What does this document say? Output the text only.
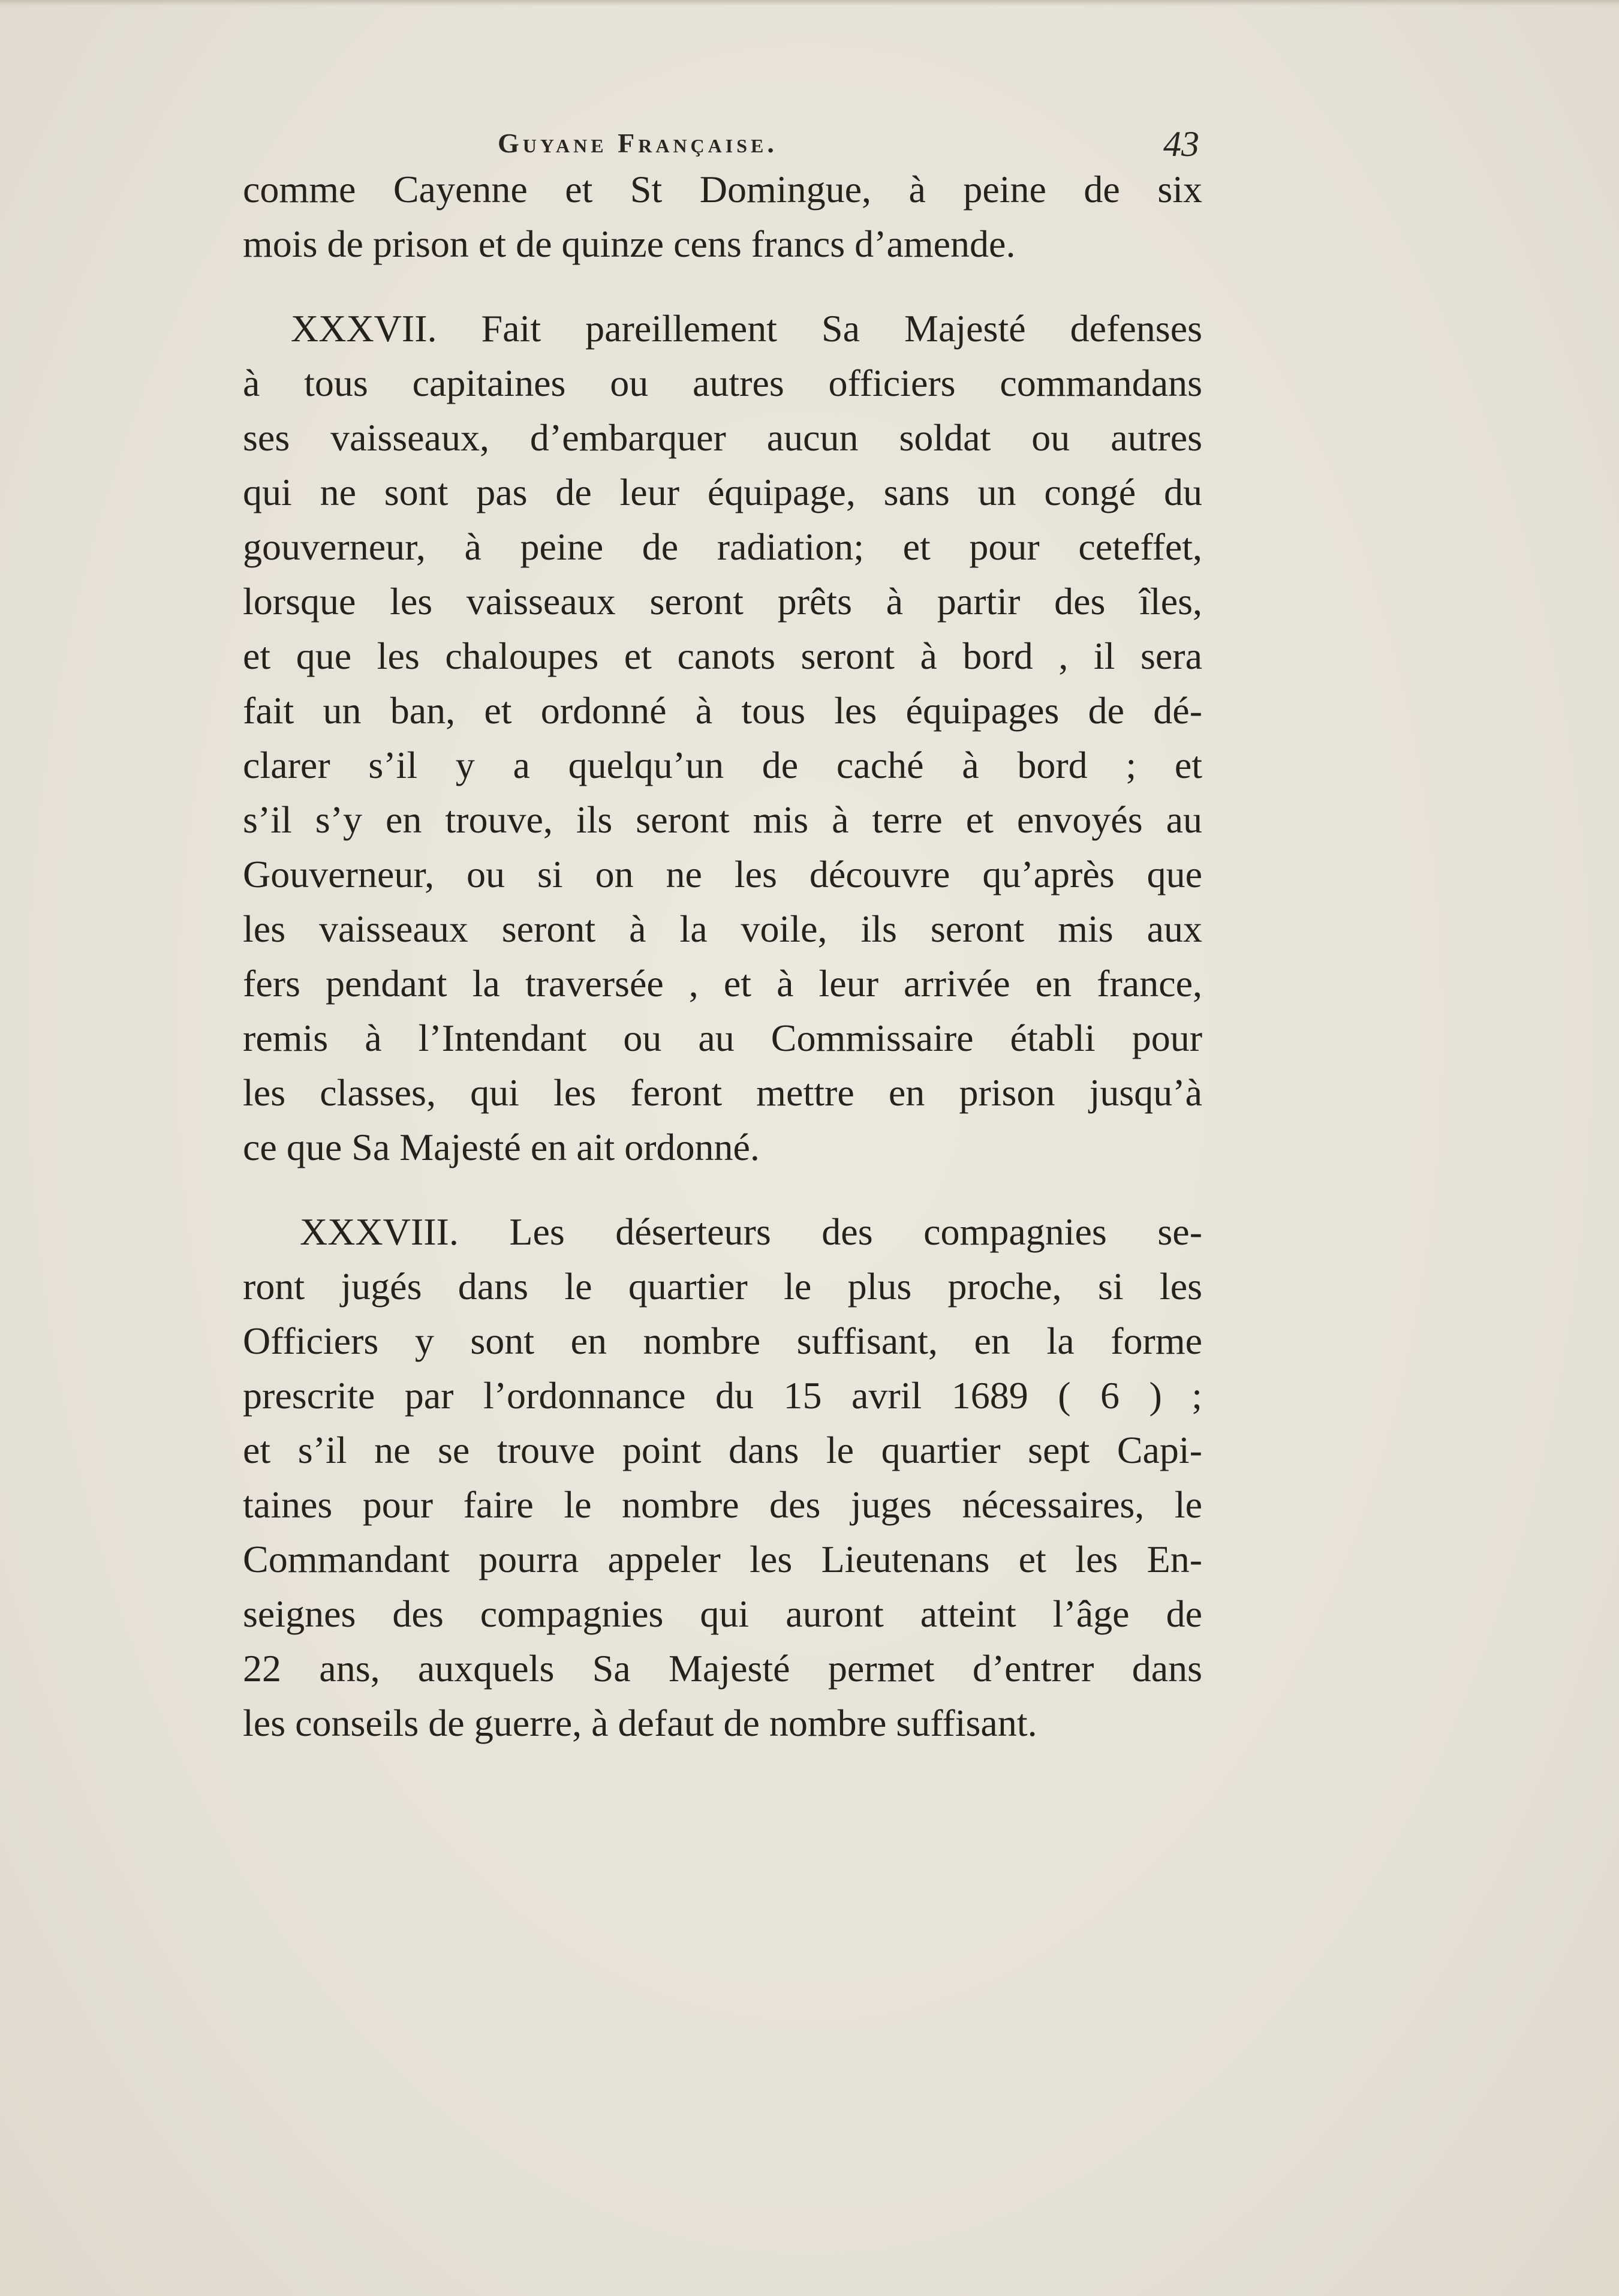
Guyane Française.	43
comme Cayenne et St Domingue, à peine de six
mois de prison et de quinze cens francs d’amende.
XXXVII. Fait pareillement Sa Majesté defenses
à tous capitaines ou autres officiers commandans
ses vaisseaux, d’embarquer aucun soldat ou autres
qui ne sont pas de leur équipage, sans un congé du
gouverneur, à peine de radiation; et pour ceteffet,
lorsque les vaisseaux seront prêts à partir des îles,
et que les chaloupes et canots seront à bord , il sera
fait un ban, et ordonné à tous les équipages de dé-
clarer s’il y a quelqu’un de caché à bord ; et
s’il s’y en trouve, ils seront mis à terre et envoyés au
Gouverneur, ou si on ne les découvre qu’après que
les vaisseaux seront à la voile, ils seront mis aux
fers pendant la traversée , et à leur arrivée en france,
remis à l’Intendant ou au Commissaire établi pour
les classes, qui les feront mettre en prison jusqu’à
ce que Sa Majesté en ait ordonné.
XXXVIII. Les déserteurs des compagnies se-
ront jugés dans le quartier le plus proche, si les
Officiers y sont en nombre suffisant, en la forme
prescrite par l’ordonnance du 15 avril 1689 ( 6 ) ;
et s’il ne se trouve point dans le quartier sept Capi-
taines pour faire le nombre des juges nécessaires, le
Commandant pourra appeler les Lieutenans et les En-
seignes des compagnies qui auront atteint l’âge de
22 ans, auxquels Sa Majesté permet d’entrer dans
les conseils de guerre, à defaut de nombre suffisant.
